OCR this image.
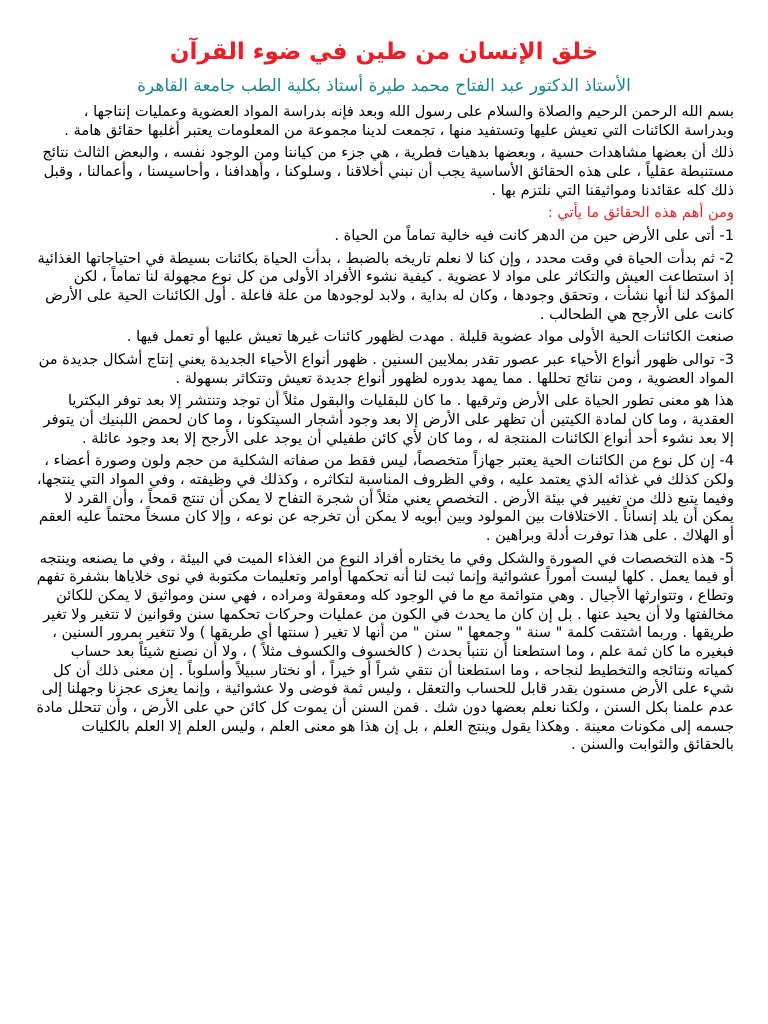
خلق الإنسان من طين في ضوء القرآن
الأستاذ الدكتور عبد الفتاح محمد طيرة أستاذ بكلية الطب جامعة القاهرة

بسم الله الرحمن الرحيم والصلاة والسلام على رسول الله وبعد فإنه بدراسة المواد العضوية وعمليات إنتاجها ، وبدراسة الكائنات التي تعيش عليها وتستفيد منها ، تجمعت لدينا مجموعة من المعلومات يعتبر أغلبها حقائق هامة .

ذلك أن بعضها مشاهدات حسية ، وبعضها بدهيات فطرية ، هي جزء من كياننا ومن الوجود نفسه ، والبعض الثالث نتائج مستنبطة عقلياً ، على هذه الحقائق الأساسية يجب أن نبني أخلاقنا ، وسلوكنا ، وأهدافنا ، وأحاسيسنا ، وأعمالنا ، وقبل ذلك كله عقائدنا ومواثيقنا التي نلتزم بها .

ومن أهم هذه الحقائق ما يأتي :

1- أتى على الأرض حين من الدهر كانت فيه خالية تماماً من الحياة .

2- ثم بدأت الحياة في وقت محدد ، وإن كنا لا نعلم تاريخه بالضبط ، بدأت الحياة بكائنات بسيطة في احتياجاتها الغذائية إذ استطاعت العيش والتكاثر على مواد لا عضوية . كيفية نشوء الأفراد الأولى من كل نوع مجهولة لنا تماماً ، لكن المؤكد لنا أنها نشأت ، وتحقق وجودها ، وكان له بداية ، ولابد لوجودها من علة فاعلة . أول الكائنات الحية على الأرض كانت على الأرجح هي الطحالب .

صنعت الكائنات الحية الأولى مواد عضوية قليلة . مهدت لظهور كائنات غيرها تعيش عليها أو تعمل فيها .

3- توالى ظهور أنواع الأحياء عبر عصور تقدر بملايين السنين . ظهور أنواع الأحياء الجديدة يعني إنتاج أشكال جديدة من المواد العضوية ، ومن نتائج تحللها . مما يمهد بدوره لظهور أنواع جديدة تعيش وتتكاثر بسهولة .

هذا هو معنى تطور الحياة على الأرض وترقيها . ما كان للبقليات والبقول مثلاً أن توجد وتنتشر إلا بعد توفر البكتريا العقدية ، وما كان لمادة الكيتين أن تظهر على الأرض إلا بعد وجود أشجار السيتكونا ، وما كان لحمض اللبنيك أن يتوفر إلا بعد نشوء أحد أنواع الكائنات المنتجة له ، وما كان لأي كائن طفيلي أن يوجد على الأرجح إلا بعد وجود عائلة .

4- إن كل نوع من الكائنات الحية يعتبر جهازاً متخصصاً، ليس فقط من صفاته الشكلية من حجم ولون وصورة أعضاء ، ولكن كذلك في غذائه الذي يعتمد عليه ، وفي الظروف المناسبة لتكاثره ، وكذلك في وظيفته ، وفي المواد التي ينتجها، وفيما يتبع ذلك من تغيير في بيئة الأرض . التخصص يعني مثلاً أن شجرة التفاح لا يمكن أن تنتج قمحاً ، وأن القرد لا يمكن أن يلد إنساناً . الاختلافات بين المولود وبين أبويه لا يمكن أن تخرجه عن نوعه ، وإلا كان مسخاً محتماً عليه العقم أو الهلاك . على هذا توفرت أدلة وبراهين .

5- هذه التخصصات في الصورة والشكل وفي ما يختاره أفراد النوع من الغذاء الميت في البيئة ، وفي ما يصنعه وينتجه أو فيما يعمل . كلها ليست أموراً عشوائية وإنما ثبت لنا أنه تحكمها أوامر وتعليمات مكتوبة في نوى خلاياها بشفرة تفهم وتطاع ، وتتوارثها الأجيال . وهي متوائمة مع ما في الوجود كله ومعقولة ومراده ، فهي سنن ومواثيق لا يمكن للكائن مخالفتها ولا أن يحيد عنها . بل إن كان ما يحدث في الكون من عمليات وحركات تحكمها سنن وقوانين لا تتغير ولا تغير طريقها . وربما اشتقت كلمة " سنة " وجمعها " سنن " من أنها لا تغير ( سنتها أي طريقها ) ولا تتغير بمرور السنين ، فبغيره ما كان ثمة علم ، وما استطعنا أن نتنبأ بحدث ( كالخسوف والكسوف مثلاً ) ، ولا أن نصنع شيئاً بعد حساب كمياته ونتائجه والتخطيط لنجاحه ، وما استطعنا أن نتقي شراً أو خيراً ، أو نختار سبيلاً وأسلوباً . إن معنى ذلك أن كل شيء على الأرض مسنون بقدر قابل للحساب والتعقل ، وليس ثمة فوضى ولا عشوائية ، وإنما يعزى عجزنا وجهلنا إلى عدم علمنا بكل السنن ، ولكنا نعلم بعضها دون شك . فمن السنن أن يموت كل كائن حي على الأرض ، وأن تتحلل مادة جسمه إلى مكونات معينة . وهكذا يقول وينتج العلم ، بل إن هذا هو معنى العلم ، وليس العلم إلا العلم بالكليات بالحقائق والثوابت والسنن .
